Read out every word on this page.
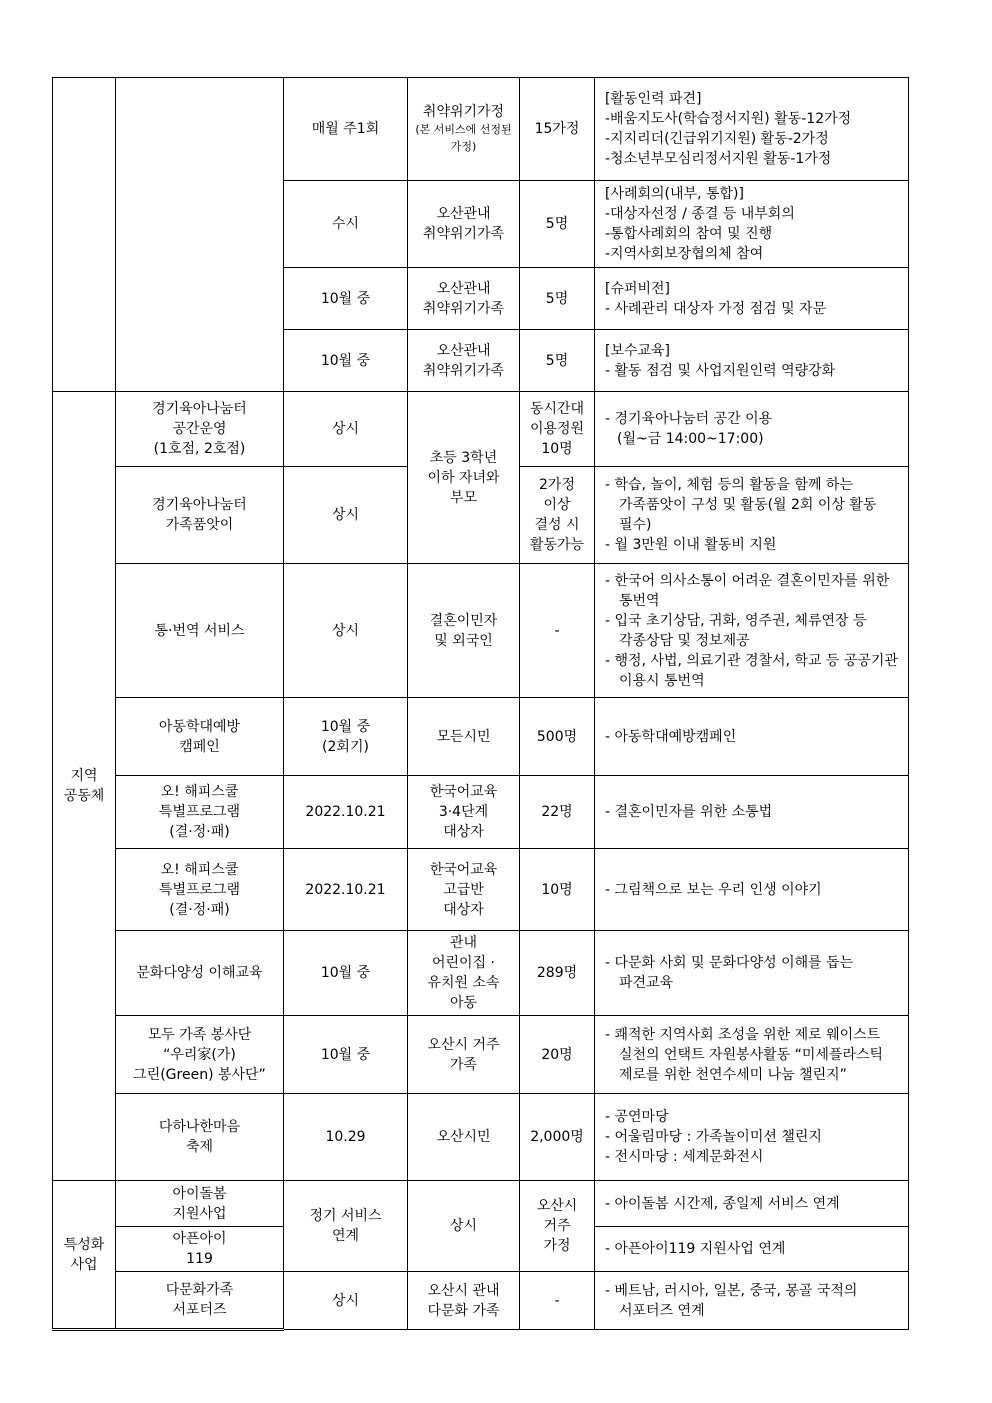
		매월 주1회	취약위기가정
(본 서비스에 선정된
가정)	15가정	[활동인력 파견]
-배움지도사(학습정서지원) 활동-12가정
-지지리더(긴급위기지원) 활동-2가정
-청소년부모심리정서지원 활동-1가정

		수시	오산관내
취약위기가족	5명	[사례회의(내부, 통합)]
-대상자선정 / 종결 등 내부회의
-통합사례회의 참여 및 진행
-지역사회보장협의체 참여

		10월 중	오산관내
취약위기가족	5명	[슈퍼비전]
- 사례관리 대상자 가정 점검 및 자문

		10월 중	오산관내
취약위기가족	5명	[보수교육]
- 활동 점검 및 사업지원인력 역량강화

지역
공동체	경기육아나눔터
공간운영
(1호점, 2호점)	상시	초등 3학년
이하 자녀와
부모	동시간대
이용정원
10명	- 경기육아나눔터 공간 이용
(월~금 14:00~17:00)

	경기육아나눔터
가족품앗이	상시		2가정
이상
결성 시
활동가능	- 학습, 놀이, 체험 등의 활동을 함께 하는 가족품앗이 구성 및 활동(월 2회 이상 활동 필수)
- 월 3만원 이내 활동비 지원

	통·번역 서비스	상시	결혼이민자
및 외국인	-	- 한국어 의사소통이 어려운 결혼이민자를 위한 통번역
- 입국 초기상담, 귀화, 영주권, 체류연장 등 각종상담 및 정보제공
- 행정, 사법, 의료기관 경찰서, 학교 등 공공기관 이용시 통번역

	아동학대예방
캠페인	10월 중
(2회기)	모든시민	500명	- 아동학대예방캠페인

	오! 해피스쿨
특별프로그램
(결·정·패)	2022.10.21	한국어교육
3·4단계
대상자	22명	- 결혼이민자를 위한 소통법

	오! 해피스쿨
특별프로그램
(결·정·패)	2022.10.21	한국어교육
고급반
대상자	10명	- 그림책으로 보는 우리 인생 이야기

	문화다양성 이해교육	10월 중	관내
어린이집 ·
유치원 소속
아동	289명	- 다문화 사회 및 문화다양성 이해를 돕는 파견교육

	모두 가족 봉사단
“우리家(가)
그린(Green) 봉사단”	10월 중	오산시 거주
가족	20명	- 쾌적한 지역사회 조성을 위한 제로 웨이스트 실천의 언택트 자원봉사활동 “미세플라스틱 제로를 위한 천연수세미 나눔 챌린지”

	다하나한마음
축제	10.29	오산시민	2,000명	- 공연마당
- 어울림마당 : 가족놀이미션 챌린지
- 전시마당 : 세계문화전시

특성화
사업	아이돌봄
지원사업	정기 서비스
연계	상시	오산시
거주
가정	- 아이돌봄 시간제, 종일제 서비스 연계

	아픈아이
119				- 아픈아이119 지원사업 연계

	다문화가족
서포터즈	상시	오산시 관내
다문화 가족	-	- 베트남, 러시아, 일본, 중국, 몽골 국적의 서포터즈 연계
